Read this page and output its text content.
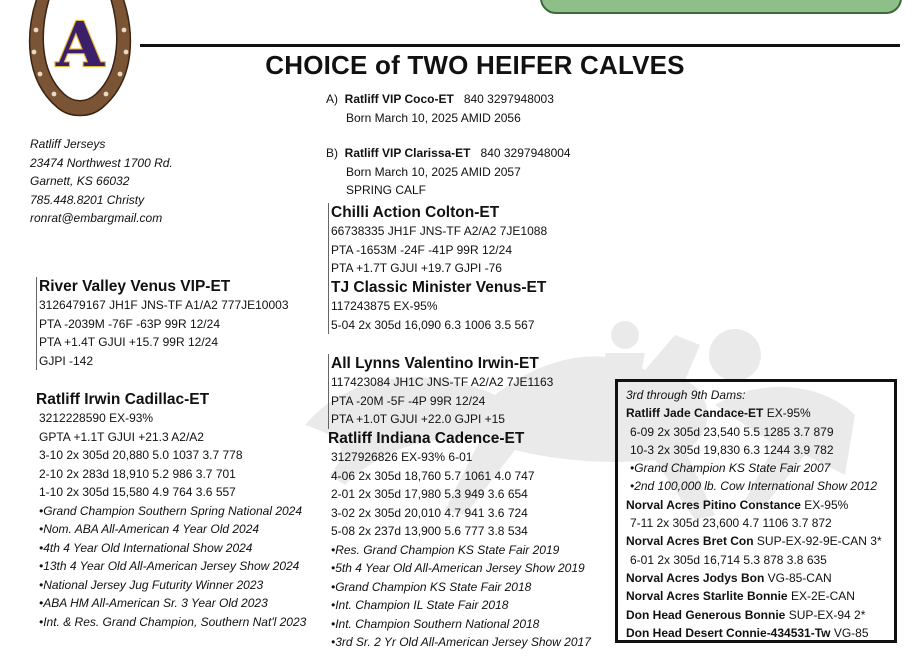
A	CHOICE of TWO HEIFER CALVES
A) Ratliff VIP Coco-ET 840 3297948003
Born March 10, 2025 AMID 2056
B) Ratliff VIP Clarissa-ET 840 3297948004
Born March 10, 2025 AMID 2057
SPRING CALF
Ratliff Jerseys
23474 Northwest 1700 Rd.
Garnett, KS 66032
785.448.8201 Christy
ronrat@embargmail.com	Chilli Action Colton-ET
66738335 JH1F JNS-TF A2/A2 7JE1088
PTA -1653M -24F -41P 99R 12/24
PTA +1.7T GJUI +19.7 GJPI -76
River Valley Venus VIP-ET
3126479167 JH1F JNS-TF A1/A2 777JE10003
PTA -2039M -76F -63P 99R 12/24
PTA +1.4T GJUI +15.7 99R 12/24
GJPI -142
TJ Classic Minister Venus-ET
117243875 EX-95%
5-04 2x 305d 16,090 6.3 1006 3.5 567
Ratliff Irwin Cadillac-ET
3212228590 EX-93%
GPTA +1.1T GJUI +21.3 A2/A2
3-10 2x 305d 20,880 5.0 1037 3.7 778
2-10 2x 283d 18,910 5.2 986 3.7 701
1-10 2x 305d 15,580 4.9 764 3.6 557
•Grand Champion Southern Spring National 2024
•Nom. ABA All-American 4 Year Old 2024
•4th 4 Year Old International Show 2024
•13th 4 Year Old All-American Jersey Show 2024
•National Jersey Jug Futurity Winner 2023
•ABA HM All-American Sr. 3 Year Old 2023
•Int. & Res. Grand Champion, Southern Nat'l 2023
All Lynns Valentino Irwin-ET
117423084 JH1C JNS-TF A2/A2 7JE1163
PTA -20M -5F -4P 99R 12/24
PTA +1.0T GJUI +22.0 GJPI +15
Ratliff Indiana Cadence-ET
3127926826 EX-93% 6-01
4-06 2x 305d 18,760 5.7 1061 4.0 747
2-01 2x 305d 17,980 5.3 949 3.6 654
3-02 2x 305d 20,010 4.7 941 3.6 724
5-08 2x 237d 13,900 5.6 777 3.8 534
•Res. Grand Champion KS State Fair 2019
•5th 4 Year Old All-American Jersey Show 2019
•Grand Champion KS State Fair 2018
•Int. Champion IL State Fair 2018
•Int. Champion Southern National 2018
•3rd Sr. 2 Yr Old All-American Jersey Show 2017
3rd through 9th Dams:
Ratliff Jade Candace-ET EX-95%
6-09 2x 305d 23,540 5.5 1285 3.7 879
10-3 2x 305d 19,830 6.3 1244 3.9 782
•Grand Champion KS State Fair 2007
•2nd 100,000 lb. Cow International Show 2012
Norval Acres Pitino Constance EX-95%
7-11 2x 305d 23,600 4.7 1106 3.7 872
Norval Acres Bret Con SUP-EX-92-9E-CAN 3*
6-01 2x 305d 16,714 5.3 878 3.8 635
Norval Acres Jodys Bon VG-85-CAN
Norval Acres Starlite Bonnie EX-2E-CAN
Don Head Generous Bonnie SUP-EX-94 2*
Don Head Desert Connie-434531-Tw VG-85
